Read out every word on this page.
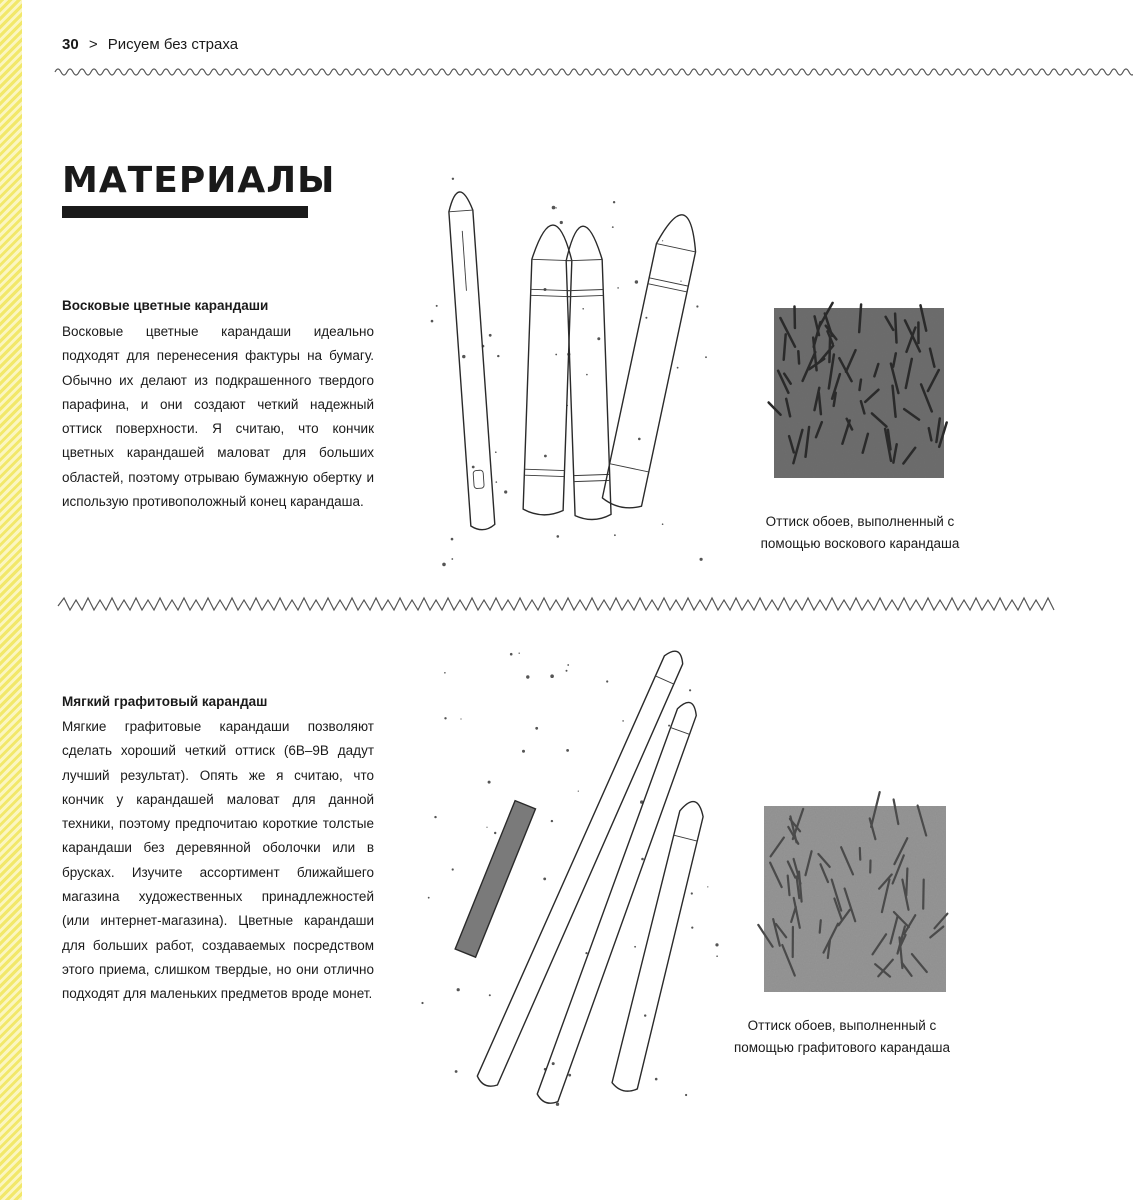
30 > Рисуем без страха
МАТЕРИАЛЫ
Восковые цветные карандаши

Восковые цветные карандаши идеально подходят для перенесения фактуры на бумагу. Обычно их делают из подкрашенного твердого парафина, и они создают четкий надежный оттиск поверхности. Я считаю, что кончик цветных карандашей маловат для больших областей, поэтому отрываю бумажную обертку и использую противоположный конец карандаша.

Оттиск обоев, выполненный с помощью воскового карандаша

Мягкий графитовый карандаш

Мягкие графитовые карандаши позволяют сделать хороший четкий оттиск (6B–9B дадут лучший результат). Опять же я считаю, что кончик у карандашей маловат для данной техники, поэтому предпочитаю короткие толстые карандаши без деревянной оболочки или в брусках. Изучите ассортимент ближайшего магазина художественных принадлежностей (или интернет-магазина). Цветные карандаши для больших работ, создаваемых посредством этого приема, слишком твердые, но они отлично подходят для маленьких предметов вроде монет.

Оттиск обоев, выполненный с помощью графитового карандаша
